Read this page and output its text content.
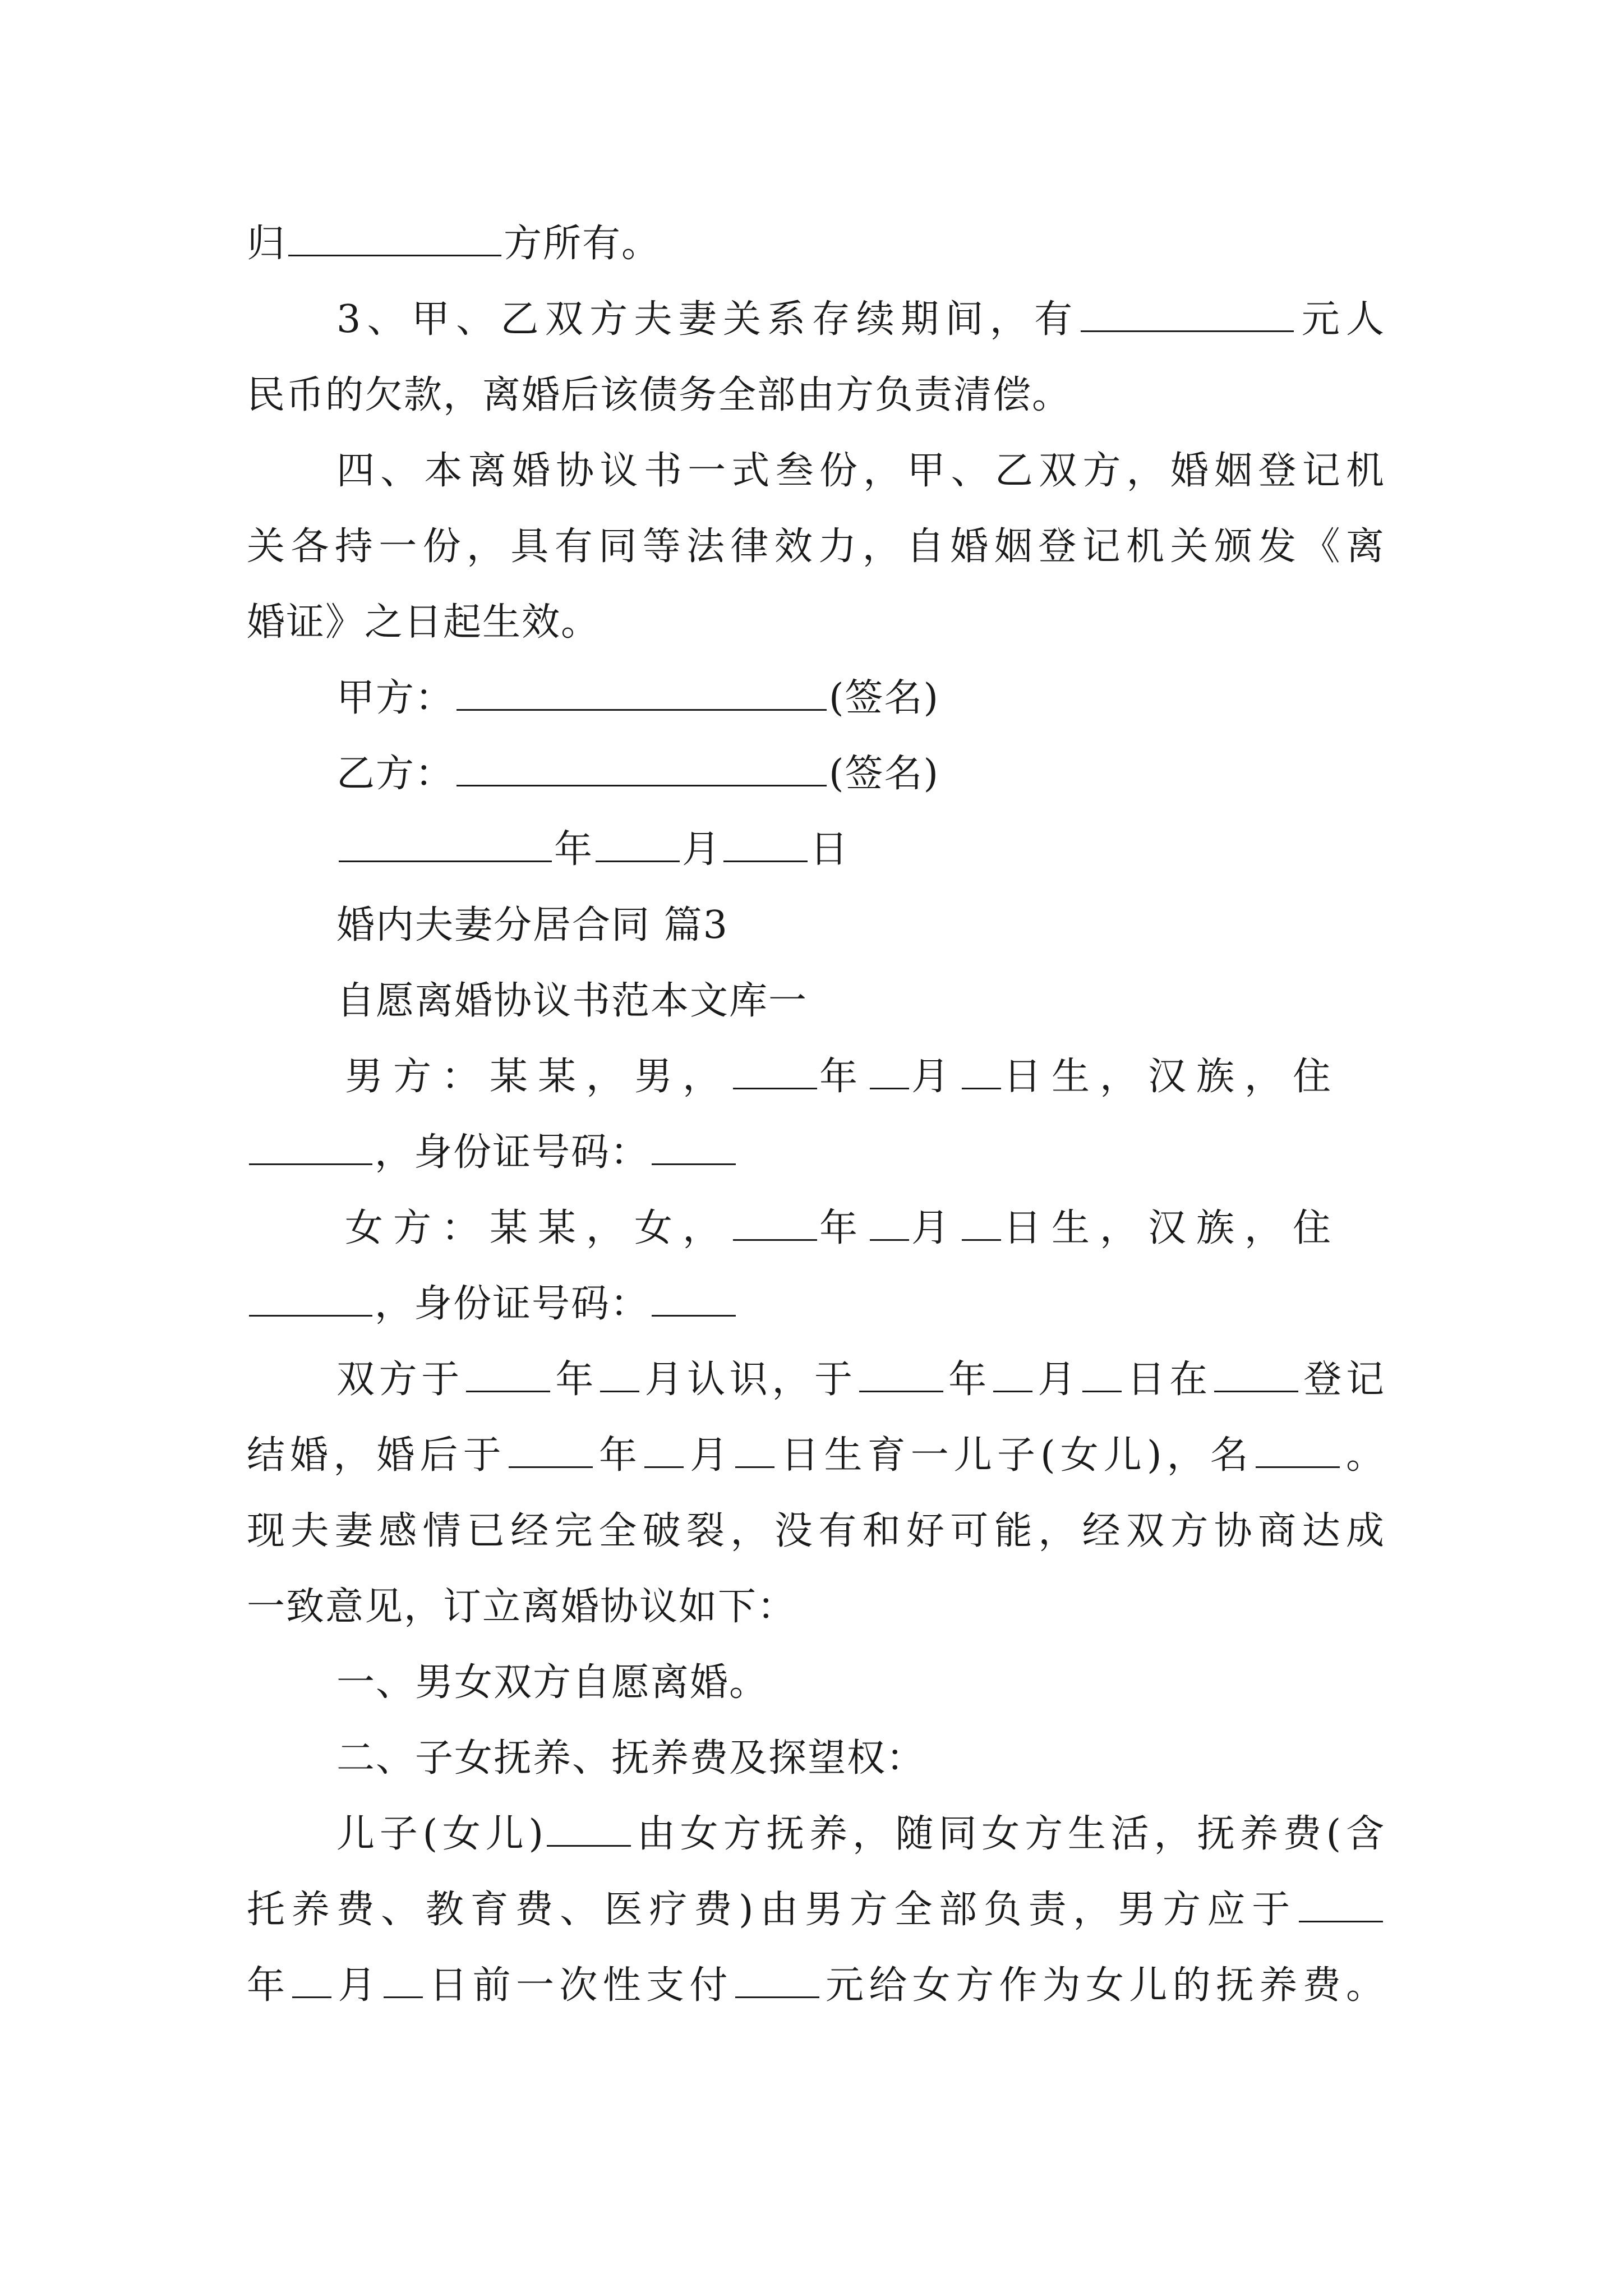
归	方所有。
3、甲、乙双方夫妻关系存续期间，有	元人
民币的欠款，离婚后该债务全部由方负责清偿。
四、本离婚协议书一式叁份，甲、乙双方，婚姻登记机
关各持一份，具有同等法律效力，自婚姻登记机关颁发《离
婚证》之日起生效。
甲方：	(签名)
乙方：	(签名)
年 月 日
婚内夫妻分居合同 篇3
自愿离婚协议书范本文库一
男方：某某，男， 年 月 日生，汉族，住
，身份证号码：
女方：某某，女， 年 月 日生，汉族，住
，身份证号码：
双方于 年 月认识，于 年 月 日在 登记
结婚，婚后于 年 月 日生育一儿子(女儿)，名 。
现夫妻感情已经完全破裂，没有和好可能，经双方协商达成
一致意见，订立离婚协议如下：
一、男女双方自愿离婚。
二、子女抚养、抚养费及探望权：
儿子(女儿) 由女方抚养，随同女方生活，抚养费(含
托养费、教育费、医疗费)由男方全部负责，男方应于
年 月 日前一次性支付 元给女方作为女儿的抚养费。
